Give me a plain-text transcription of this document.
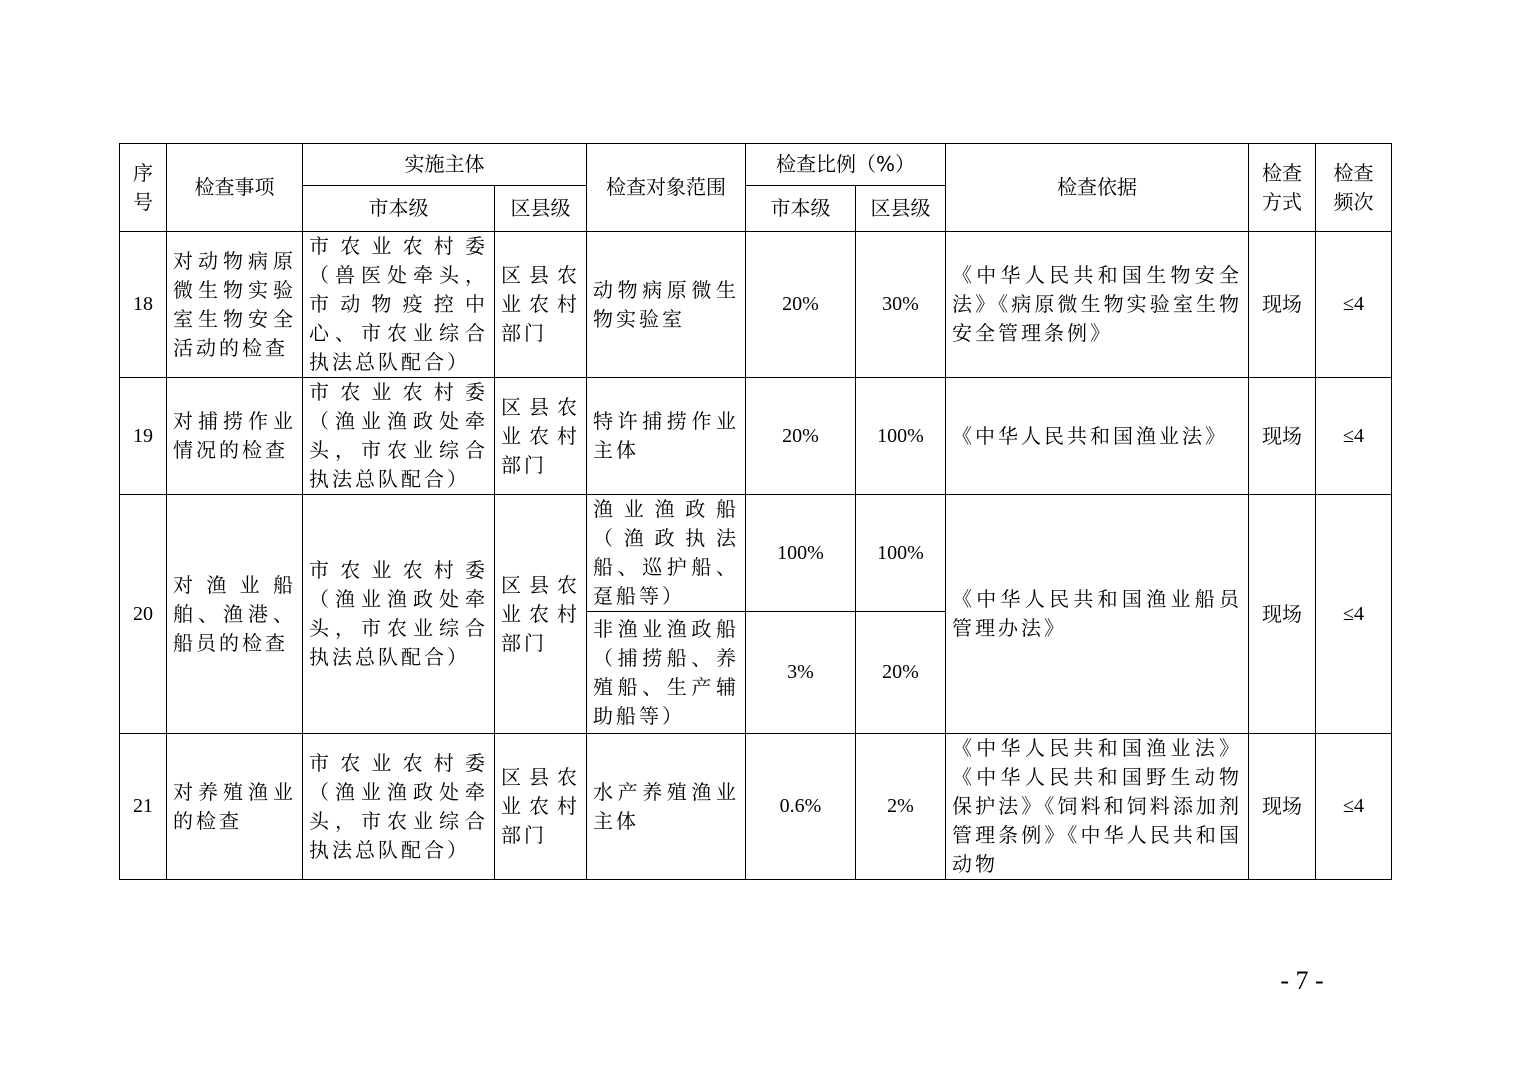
序号	检查事项	实施主体		检查对象范围	检查比例（%）		检查依据	检查方式	检查频次
		市本级	区县级		市本级	区县级			
18	对动物病原微生物实验室生物安全活动的检查	市农业农村委（兽医处牵头，市动物疫控中心、市农业综合执法总队配合）	区县农业农村部门	动物病原微生物实验室	20%	30%	《中华人民共和国生物安全法》《病原微生物实验室生物安全管理条例》	现场	≤4
19	对捕捞作业情况的检查	市农业农村委（渔业渔政处牵头，市农业综合执法总队配合）	区县农业农村部门	特许捕捞作业主体	20%	100%	《中华人民共和国渔业法》	现场	≤4
20	对渔业船舶、渔港、船员的检查	市农业农村委（渔业渔政处牵头，市农业综合执法总队配合）	区县农业农村部门	渔业渔政船（渔政执法船、巡护船、趸船等）	100%	100%	《中华人民共和国渔业船员管理办法》	现场	≤4
				非渔业渔政船（捕捞船、养殖船、生产辅助船等）	3%	20%			
21	对养殖渔业的检查	市农业农村委（渔业渔政处牵头，市农业综合执法总队配合）	区县农业农村部门	水产养殖渔业主体	0.6%	2%	《中华人民共和国渔业法》《中华人民共和国野生动物保护法》《饲料和饲料添加剂管理条例》《中华人民共和国动物	现场	≤4
- 7 -
